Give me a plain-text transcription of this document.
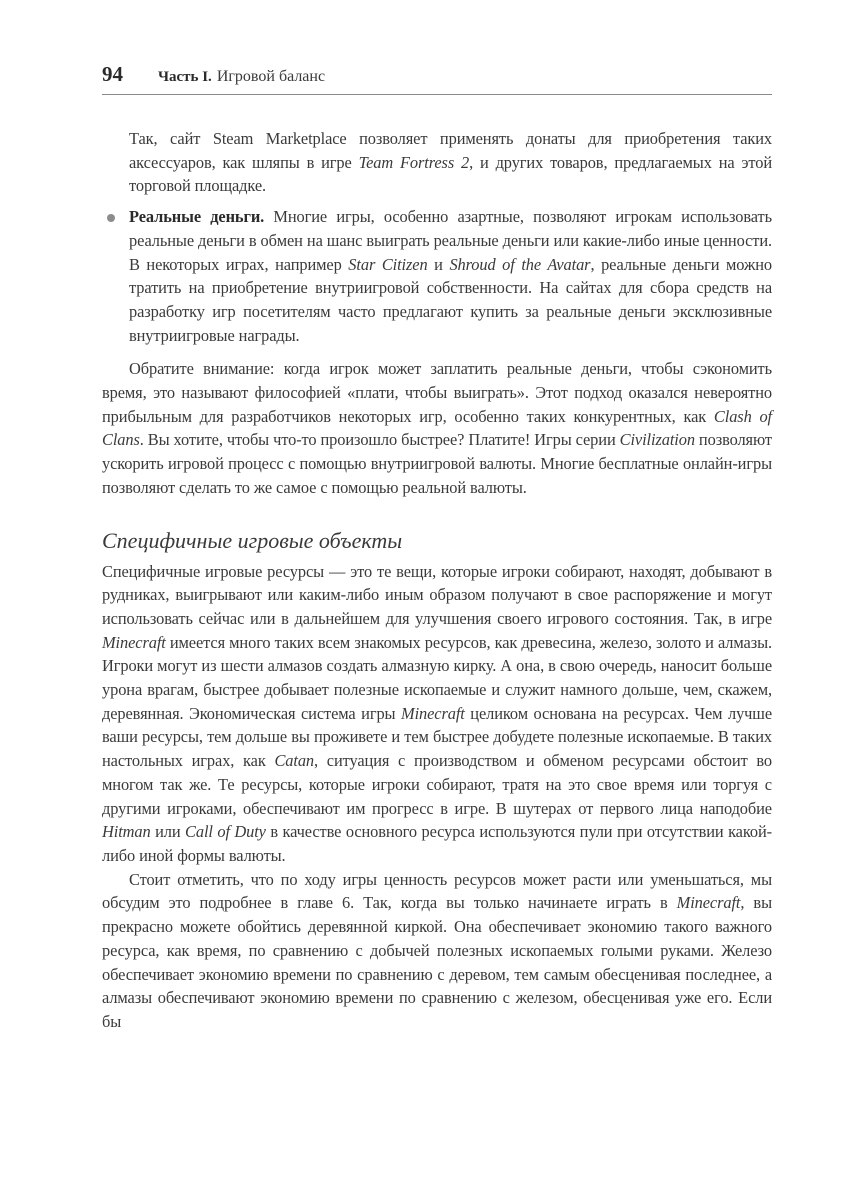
94	Часть I. Игровой баланс

Так, сайт Steam Marketplace позволяет применять донаты для приобретения таких аксессуаров, как шляпы в игре Team Fortress 2, и других товаров, предлагаемых на этой торговой площадке.

Реальные деньги. Многие игры, особенно азартные, позволяют игрокам использовать реальные деньги в обмен на шанс выиграть реальные деньги или какие-либо иные ценности. В некоторых играх, например Star Citizen и Shroud of the Avatar, реальные деньги можно тратить на приобретение внутриигровой собственности. На сайтах для сбора средств на разработку игр посетителям часто предлагают купить за реальные деньги эксклюзивные внутриигровые награды.

Обратите внимание: когда игрок может заплатить реальные деньги, чтобы сэкономить время, это называют философией «плати, чтобы выиграть». Этот подход оказался невероятно прибыльным для разработчиков некоторых игр, особенно таких конкурентных, как Clash of Clans. Вы хотите, чтобы что-то произошло быстрее? Платите! Игры серии Civilization позволяют ускорить игровой процесс с помощью внутриигровой валюты. Многие бесплатные онлайн-игры позволяют сделать то же самое с помощью реальной валюты.

Специфичные игровые объекты

Специфичные игровые ресурсы — это те вещи, которые игроки собирают, находят, добывают в рудниках, выигрывают или каким-либо иным образом получают в свое распоряжение и могут использовать сейчас или в дальнейшем для улучшения своего игрового состояния. Так, в игре Minecraft имеется много таких всем знакомых ресурсов, как древесина, железо, золото и алмазы. Игроки могут из шести алмазов создать алмазную кирку. А она, в свою очередь, наносит больше урона врагам, быстрее добывает полезные ископаемые и служит намного дольше, чем, скажем, деревянная. Экономическая система игры Minecraft целиком основана на ресурсах. Чем лучше ваши ресурсы, тем дольше вы проживете и тем быстрее добудете полезные ископаемые. В таких настольных играх, как Catan, ситуация с производством и обменом ресурсами обстоит во многом так же. Те ресурсы, которые игроки собирают, тратя на это свое время или торгуя с другими игроками, обеспечивают им прогресс в игре. В шутерах от первого лица наподобие Hitman или Call of Duty в качестве основного ресурса используются пули при отсутствии какой-либо иной формы валюты.

Стоит отметить, что по ходу игры ценность ресурсов может расти или уменьшаться, мы обсудим это подробнее в главе 6. Так, когда вы только начинаете играть в Minecraft, вы прекрасно можете обойтись деревянной киркой. Она обеспечивает экономию такого важного ресурса, как время, по сравнению с добычей полезных ископаемых голыми руками. Железо обеспечивает экономию времени по сравнению с деревом, тем самым обесценивая последнее, а алмазы обеспечивают экономию времени по сравнению с железом, обесценивая уже его. Если бы
